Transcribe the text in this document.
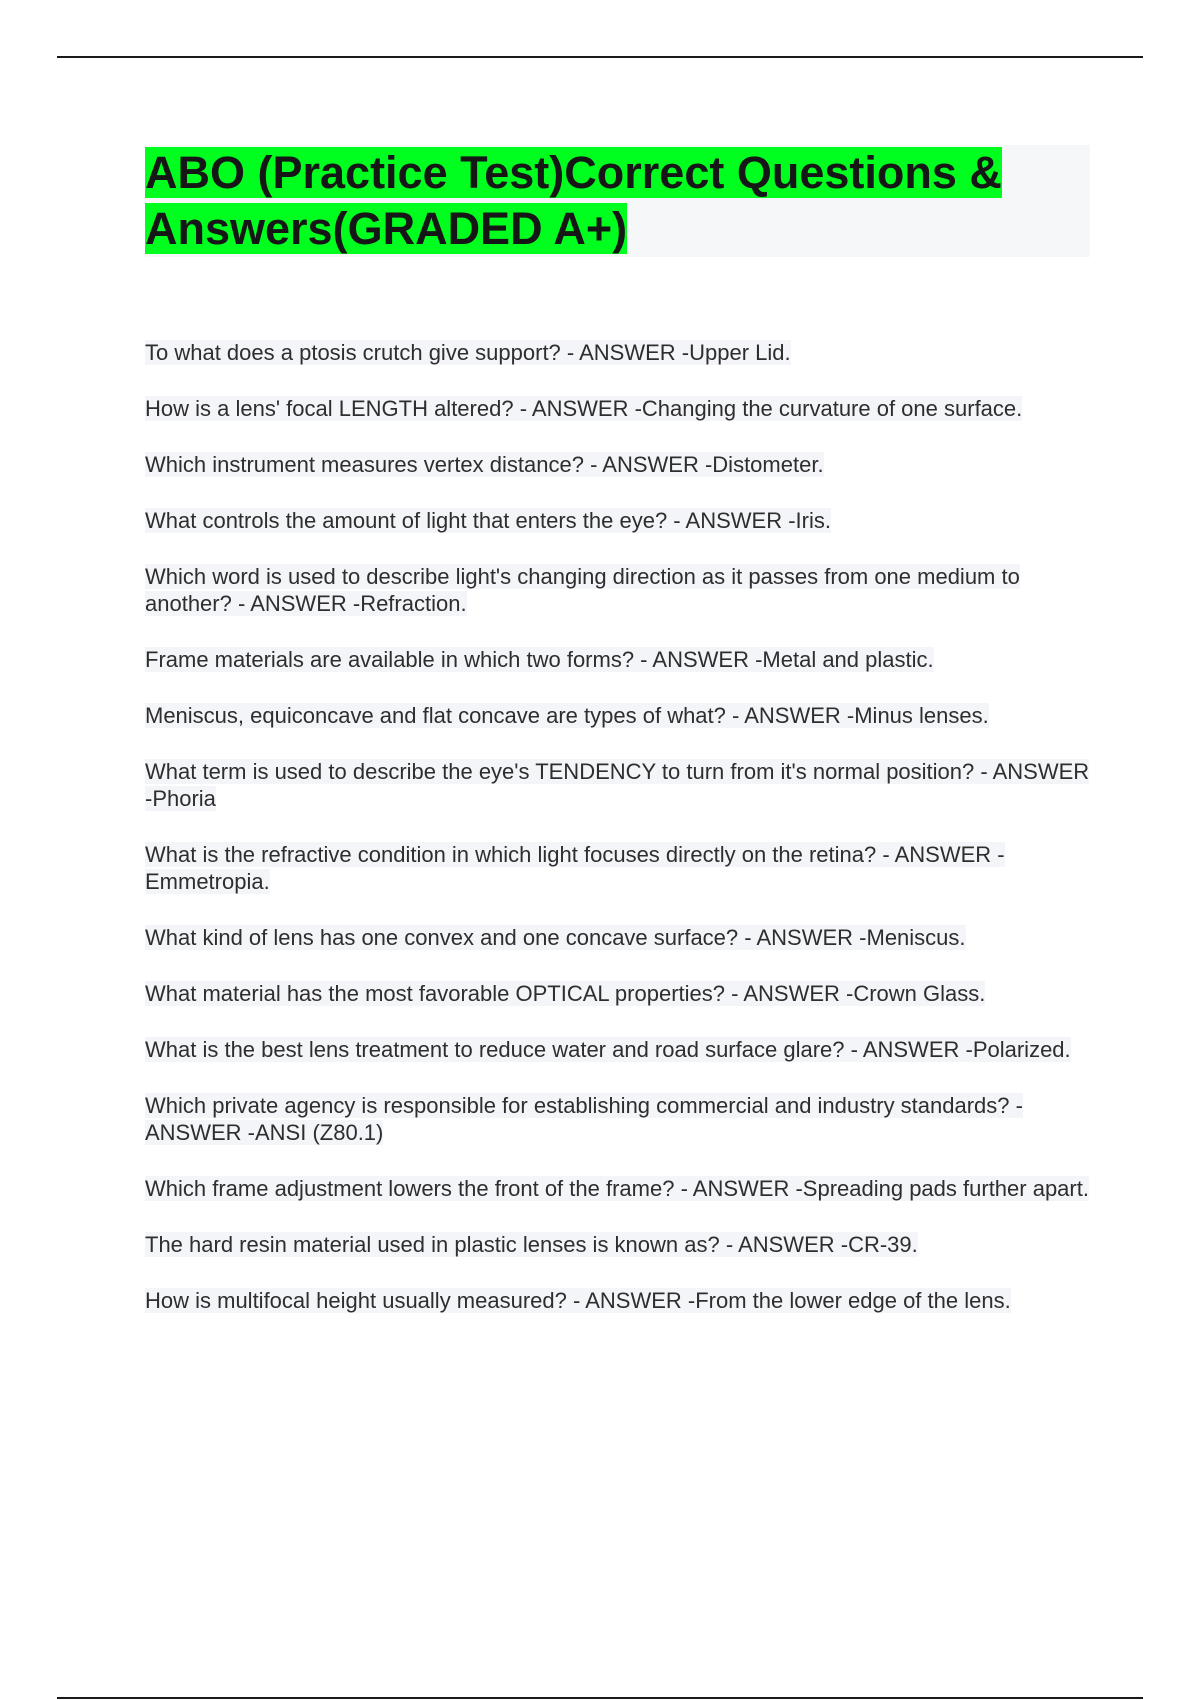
ABO (Practice Test)Correct Questions &
Answers(GRADED A+)

To what does a ptosis crutch give support? - ANSWER -Upper Lid.

How is a lens' focal LENGTH altered? - ANSWER -Changing the curvature of one surface.

Which instrument measures vertex distance? - ANSWER -Distometer.

What controls the amount of light that enters the eye? - ANSWER -Iris.

Which word is used to describe light's changing direction as it passes from one medium to another? - ANSWER -Refraction.

Frame materials are available in which two forms? - ANSWER -Metal and plastic.

Meniscus, equiconcave and flat concave are types of what? - ANSWER -Minus lenses.

What term is used to describe the eye's TENDENCY to turn from it's normal position? - ANSWER -Phoria

What is the refractive condition in which light focuses directly on the retina? - ANSWER -Emmetropia.

What kind of lens has one convex and one concave surface? - ANSWER -Meniscus.

What material has the most favorable OPTICAL properties? - ANSWER -Crown Glass.

What is the best lens treatment to reduce water and road surface glare? - ANSWER -Polarized.

Which private agency is responsible for establishing commercial and industry standards? - ANSWER -ANSI (Z80.1)

Which frame adjustment lowers the front of the frame? - ANSWER -Spreading pads further apart.

The hard resin material used in plastic lenses is known as? - ANSWER -CR-39.

How is multifocal height usually measured? - ANSWER -From the lower edge of the lens.
